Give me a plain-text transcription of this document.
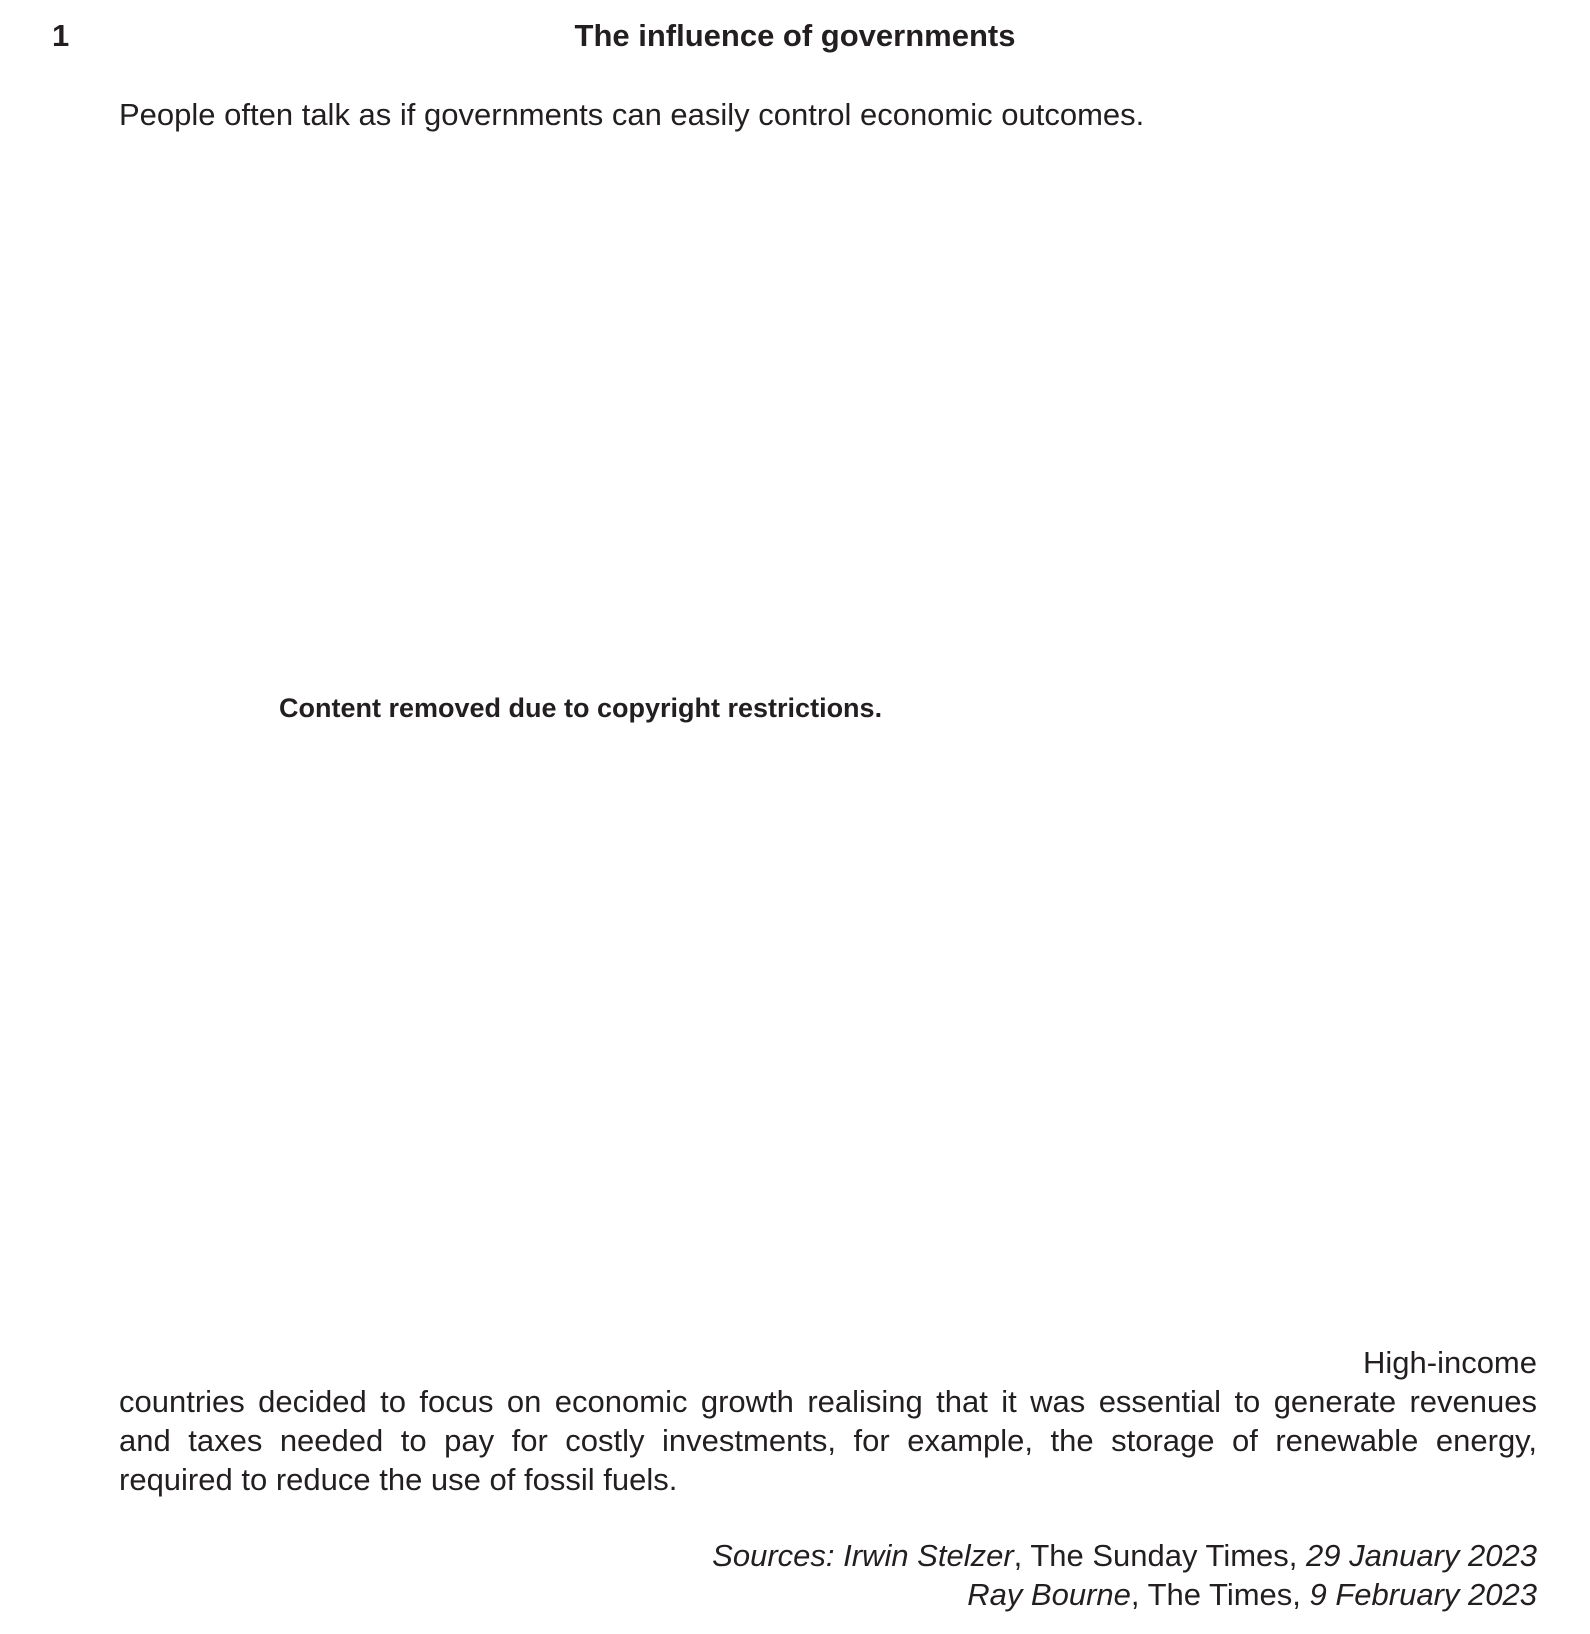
1	The influence of governments
People often talk as if governments can easily control economic outcomes.
Content removed due to copyright restrictions.
High-income
countries decided to focus on economic growth realising that it was essential to generate revenues
and taxes needed to pay for costly investments, for example, the storage of renewable energy,
required to reduce the use of fossil fuels.
Sources: Irwin Stelzer, The Sunday Times, 29 January 2023
Ray Bourne, The Times, 9 February 2023
